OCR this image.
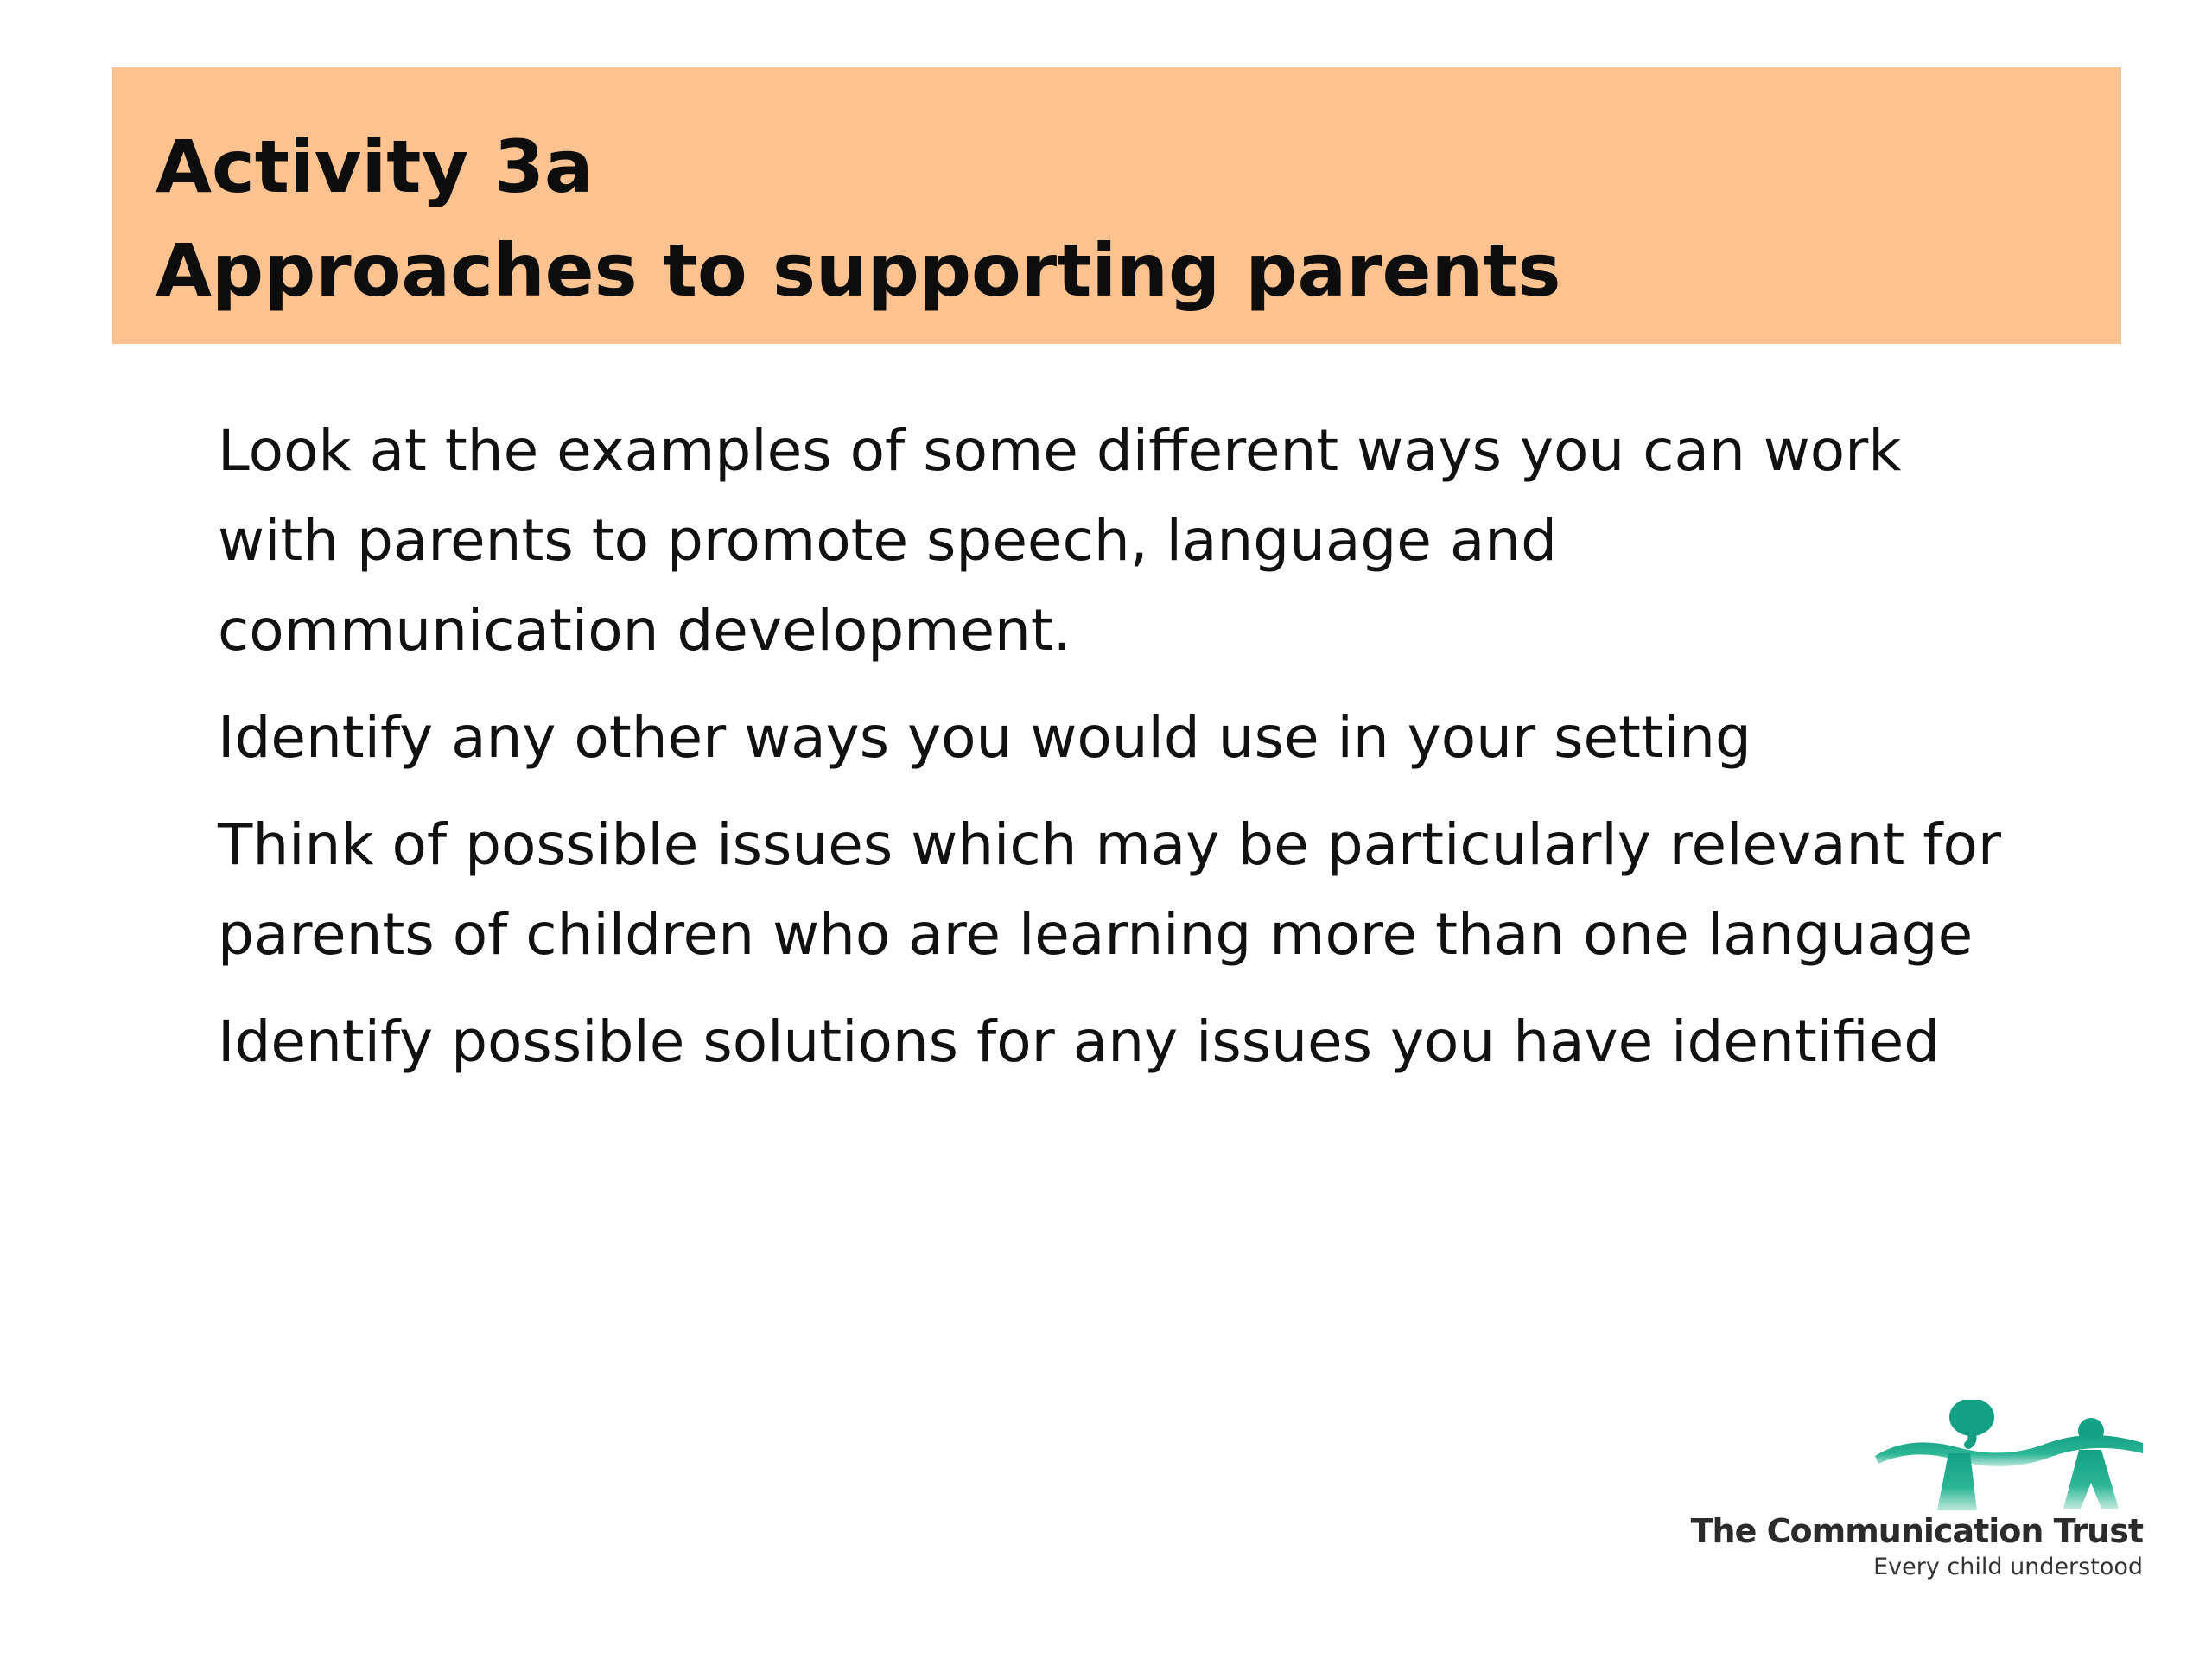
Activity 3a
Approaches to supporting parents
Look at the examples of some different ways you can work
with parents to promote speech, language and
communication development.
Identify any other ways you would use in your setting
Think of possible issues which may be particularly relevant for
parents of children who are learning more than one language
Identify possible solutions for any issues you have identified
The Communication Trust
Every child understood
